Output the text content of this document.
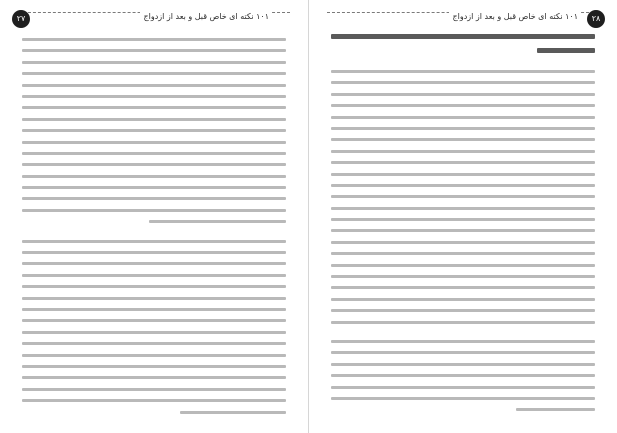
۲۷	۱۰۱ نکته ای خاص قبل و بعد از ازدواج	۲۸
۱۰۱ نکته ای خاص قبل و بعد از ازدواج
